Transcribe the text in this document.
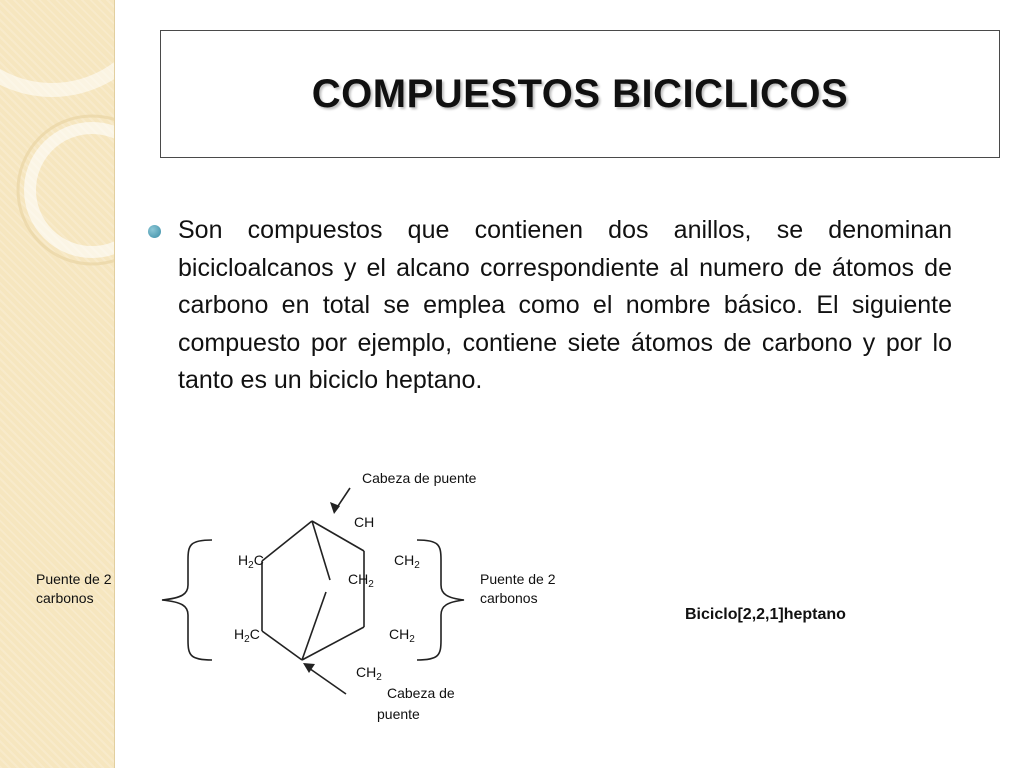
COMPUESTOS BICICLICOS
Son compuestos que contienen dos anillos, se denominan bicicloalcanos y el alcano correspondiente al numero de átomos de carbono en total se emplea como el nombre básico. El siguiente compuesto por ejemplo, contiene siete átomos de carbono y por lo tanto es un biciclo heptano.
Cabeza de puente
Cabeza de
puente
Puente de 2
carbonos
Puente de 2
carbonos
CH
$H_2C$	$CH_2$
$CH_2$
$H_2C$	$CH_2$
$CH_2$
Biciclo[2,2,1]heptano
